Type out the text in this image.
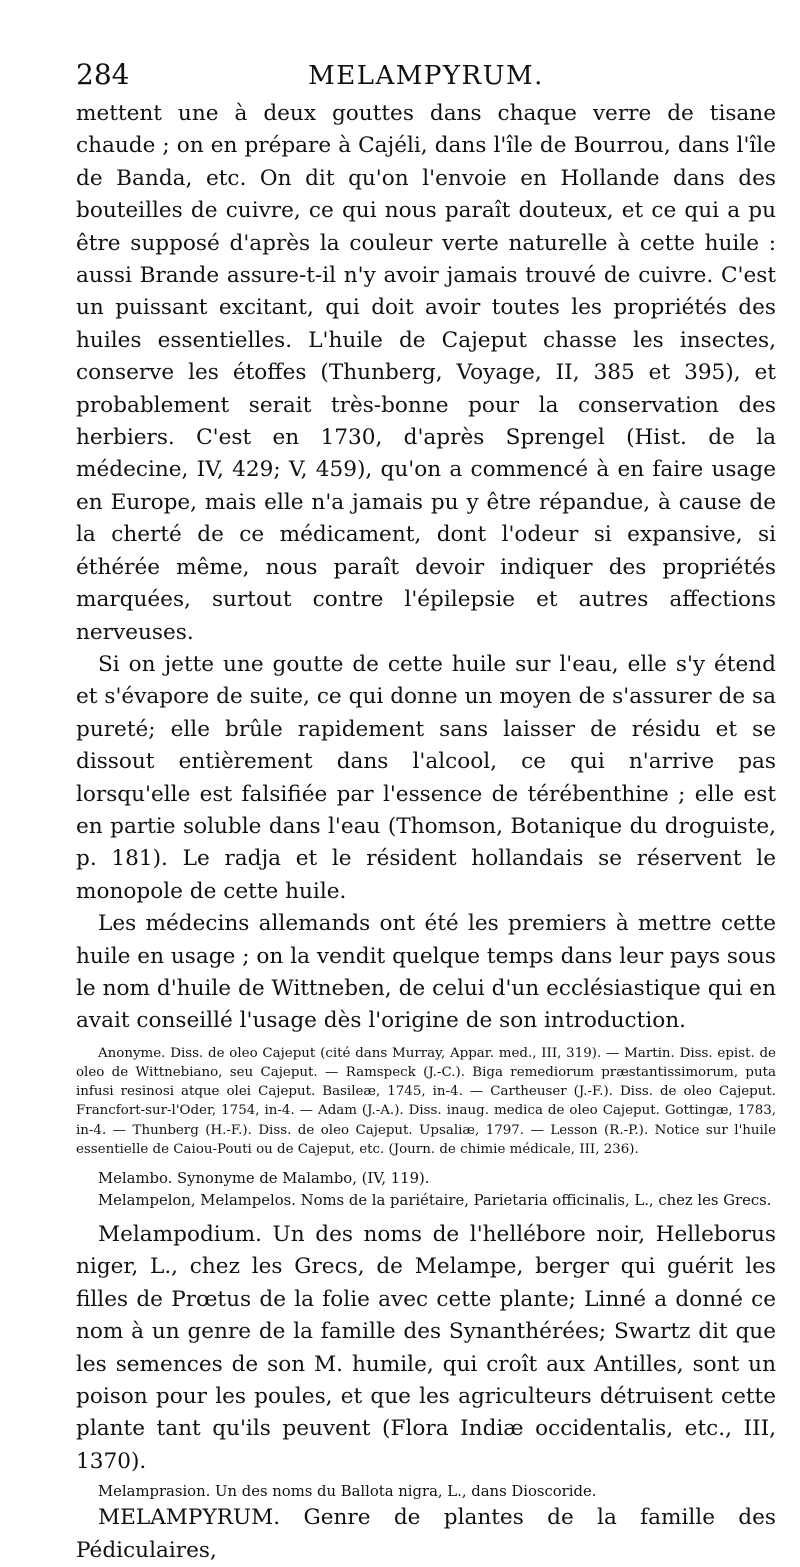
284	MELAMPYRUM.

mettent une à deux gouttes dans chaque verre de tisane chaude ; on en prépare à Cajéli, dans l'île de Bourrou, dans l'île de Banda, etc. On dit qu'on l'envoie en Hollande dans des bouteilles de cuivre, ce qui nous paraît douteux, et ce qui a pu être supposé d'après la couleur verte naturelle à cette huile : aussi Brande assure-t-il n'y avoir jamais trouvé de cuivre. C'est un puissant excitant, qui doit avoir toutes les propriétés des huiles essentielles. L'huile de Cajeput chasse les insectes, conserve les étoffes (Thunberg, Voyage, II, 385 et 395), et probablement serait très-bonne pour la conservation des herbiers. C'est en 1730, d'après Sprengel (Hist. de la médecine, IV, 429; V, 459), qu'on a commencé à en faire usage en Europe, mais elle n'a jamais pu y être répandue, à cause de la cherté de ce médicament, dont l'odeur si expansive, si éthérée même, nous paraît devoir indiquer des propriétés marquées, surtout contre l'épilepsie et autres affections nerveuses.

Si on jette une goutte de cette huile sur l'eau, elle s'y étend et s'évapore de suite, ce qui donne un moyen de s'assurer de sa pureté; elle brûle rapidement sans laisser de résidu et se dissout entièrement dans l'alcool, ce qui n'arrive pas lorsqu'elle est falsifiée par l'essence de térébenthine ; elle est en partie soluble dans l'eau (Thomson, Botanique du droguiste, p. 181). Le radja et le résident hollandais se réservent le monopole de cette huile.

Les médecins allemands ont été les premiers à mettre cette huile en usage ; on la vendit quelque temps dans leur pays sous le nom d'huile de Wittneben, de celui d'un ecclésiastique qui en avait conseillé l'usage dès l'origine de son introduction.

Anonyme. Diss. de oleo Cajeput (cité dans Murray, Appar. med., III, 319). — Martin. Diss. epist. de oleo de Wittnebiano, seu Cajeput. — Ramspeck (J.-C.). Biga remediorum præstantissimorum, puta infusi resinosi atque olei Cajeput. Basileæ, 1745, in-4. — Cartheuser (J.-F.). Diss. de oleo Cajeput. Francfort-sur-l'Oder, 1754, in-4. — Adam (J.-A.). Diss. inaug. medica de oleo Cajeput. Gottingæ, 1783, in-4. — Thunberg (H.-F.). Diss. de oleo Cajeput. Upsaliæ, 1797. — Lesson (R.-P.). Notice sur l'huile essentielle de Caiou-Pouti ou de Cajeput, etc. (Journ. de chimie médicale, III, 236).

Melambo. Synonyme de Malambo, (IV, 119).

Melampelon, Melampelos. Noms de la pariétaire, Parietaria officinalis, L., chez les Grecs.

Melampodium. Un des noms de l'hellébore noir, Helleborus niger, L., chez les Grecs, de Melampe, berger qui guérit les filles de Prœtus de la folie avec cette plante; Linné a donné ce nom à un genre de la famille des Synanthérées; Swartz dit que les semences de son M. humile, qui croît aux Antilles, sont un poison pour les poules, et que les agriculteurs détruisent cette plante tant qu'ils peuvent (Flora Indiæ occidentalis, etc., III, 1370).

Melamprasion. Un des noms du Ballota nigra, L., dans Dioscoride.

MELAMPYRUM. Genre de plantes de la famille des Pédiculaires,
